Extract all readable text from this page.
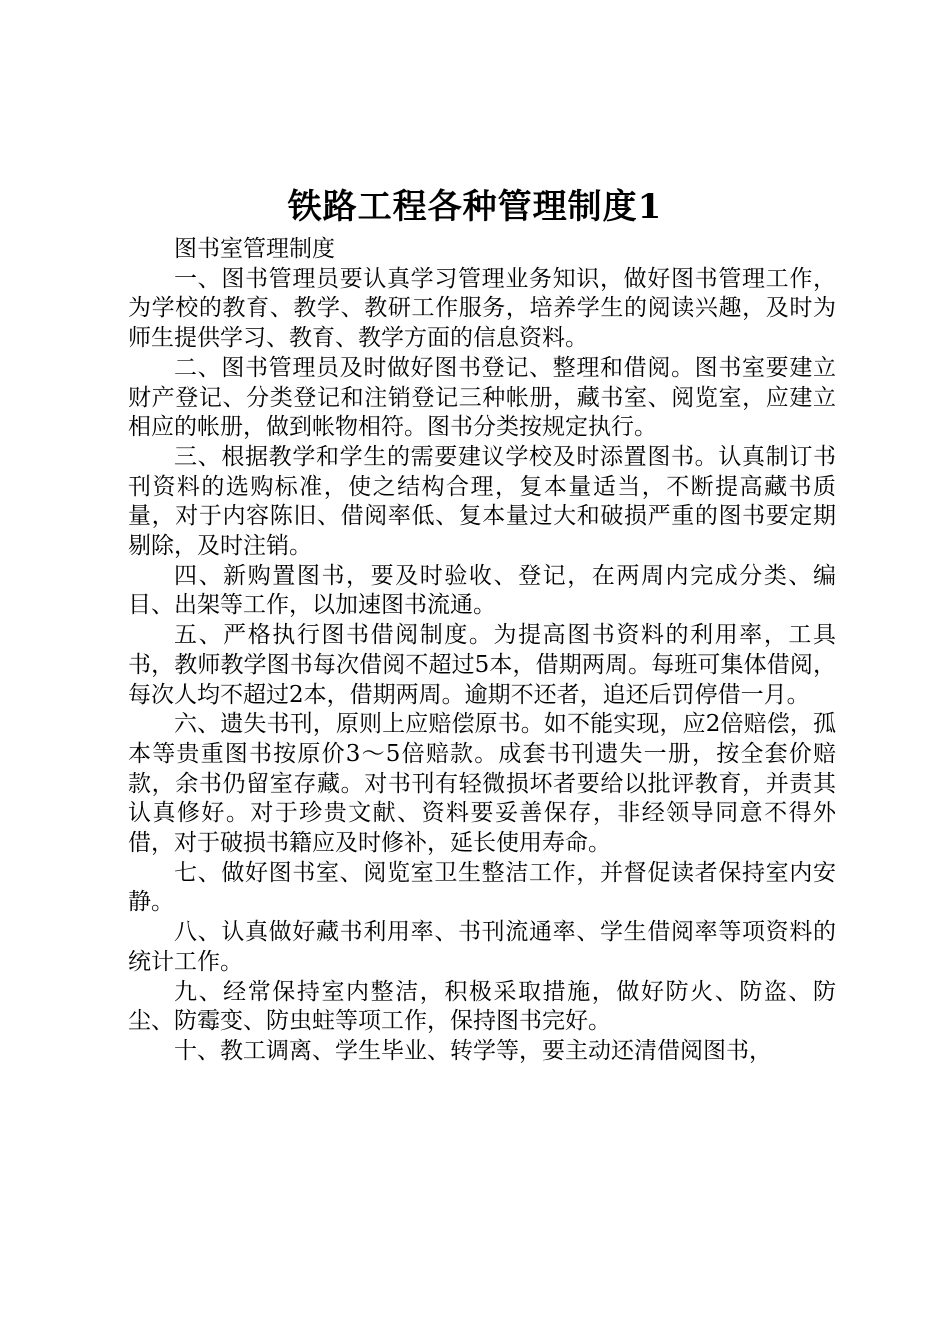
铁路工程各种管理制度1

图书室管理制度

一、图书管理员要认真学习管理业务知识，做好图书管理工作，为学校的教育、教学、教研工作服务，培养学生的阅读兴趣，及时为师生提供学习、教育、教学方面的信息资料。

二、图书管理员及时做好图书登记、整理和借阅。图书室要建立财产登记、分类登记和注销登记三种帐册，藏书室、阅览室，应建立相应的帐册，做到帐物相符。图书分类按规定执行。

三、根据教学和学生的需要建议学校及时添置图书。认真制订书刊资料的选购标准，使之结构合理，复本量适当，不断提高藏书质量，对于内容陈旧、借阅率低、复本量过大和破损严重的图书要定期剔除，及时注销。

四、新购置图书，要及时验收、登记，在两周内完成分类、编目、出架等工作，以加速图书流通。

五、严格执行图书借阅制度。为提高图书资料的利用率，工具书，教师教学图书每次借阅不超过5本，借期两周。每班可集体借阅，每次人均不超过2本，借期两周。逾期不还者，追还后罚停借一月。

六、遗失书刊，原则上应赔偿原书。如不能实现，应2倍赔偿，孤本等贵重图书按原价3～5倍赔款。成套书刊遗失一册，按全套价赔款，余书仍留室存藏。对书刊有轻微损坏者要给以批评教育，并责其认真修好。对于珍贵文献、资料要妥善保存，非经领导同意不得外借，对于破损书籍应及时修补，延长使用寿命。

七、做好图书室、阅览室卫生整洁工作，并督促读者保持室内安静。

八、认真做好藏书利用率、书刊流通率、学生借阅率等项资料的统计工作。

九、经常保持室内整洁，积极采取措施，做好防火、防盗、防尘、防霉变、防虫蛀等项工作，保持图书完好。

十、教工调离、学生毕业、转学等，要主动还清借阅图书，
